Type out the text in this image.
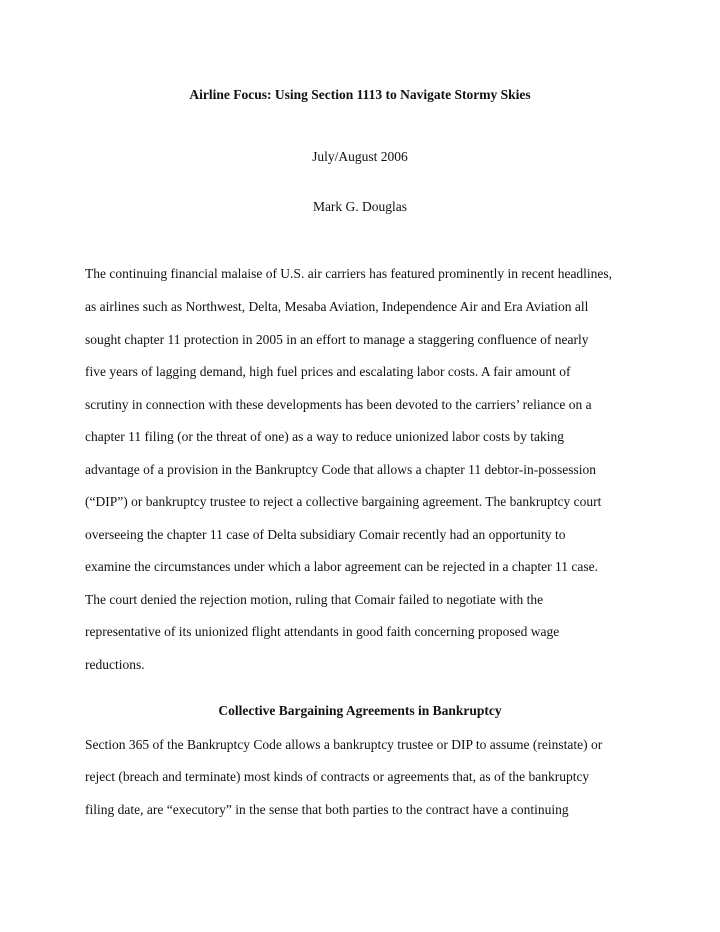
Airline Focus: Using Section 1113 to Navigate Stormy Skies
July/August 2006
Mark G. Douglas
The continuing financial malaise of U.S. air carriers has featured prominently in recent headlines,
as airlines such as Northwest, Delta, Mesaba Aviation, Independence Air and Era Aviation all
sought chapter 11 protection in 2005 in an effort to manage a staggering confluence of nearly
five years of lagging demand, high fuel prices and escalating labor costs. A fair amount of
scrutiny in connection with these developments has been devoted to the carriers’ reliance on a
chapter 11 filing (or the threat of one) as a way to reduce unionized labor costs by taking
advantage of a provision in the Bankruptcy Code that allows a chapter 11 debtor-in-possession
(“DIP”) or bankruptcy trustee to reject a collective bargaining agreement. The bankruptcy court
overseeing the chapter 11 case of Delta subsidiary Comair recently had an opportunity to
examine the circumstances under which a labor agreement can be rejected in a chapter 11 case.
The court denied the rejection motion, ruling that Comair failed to negotiate with the
representative of its unionized flight attendants in good faith concerning proposed wage
reductions.
Collective Bargaining Agreements in Bankruptcy
Section 365 of the Bankruptcy Code allows a bankruptcy trustee or DIP to assume (reinstate) or
reject (breach and terminate) most kinds of contracts or agreements that, as of the bankruptcy
filing date, are “executory” in the sense that both parties to the contract have a continuing
